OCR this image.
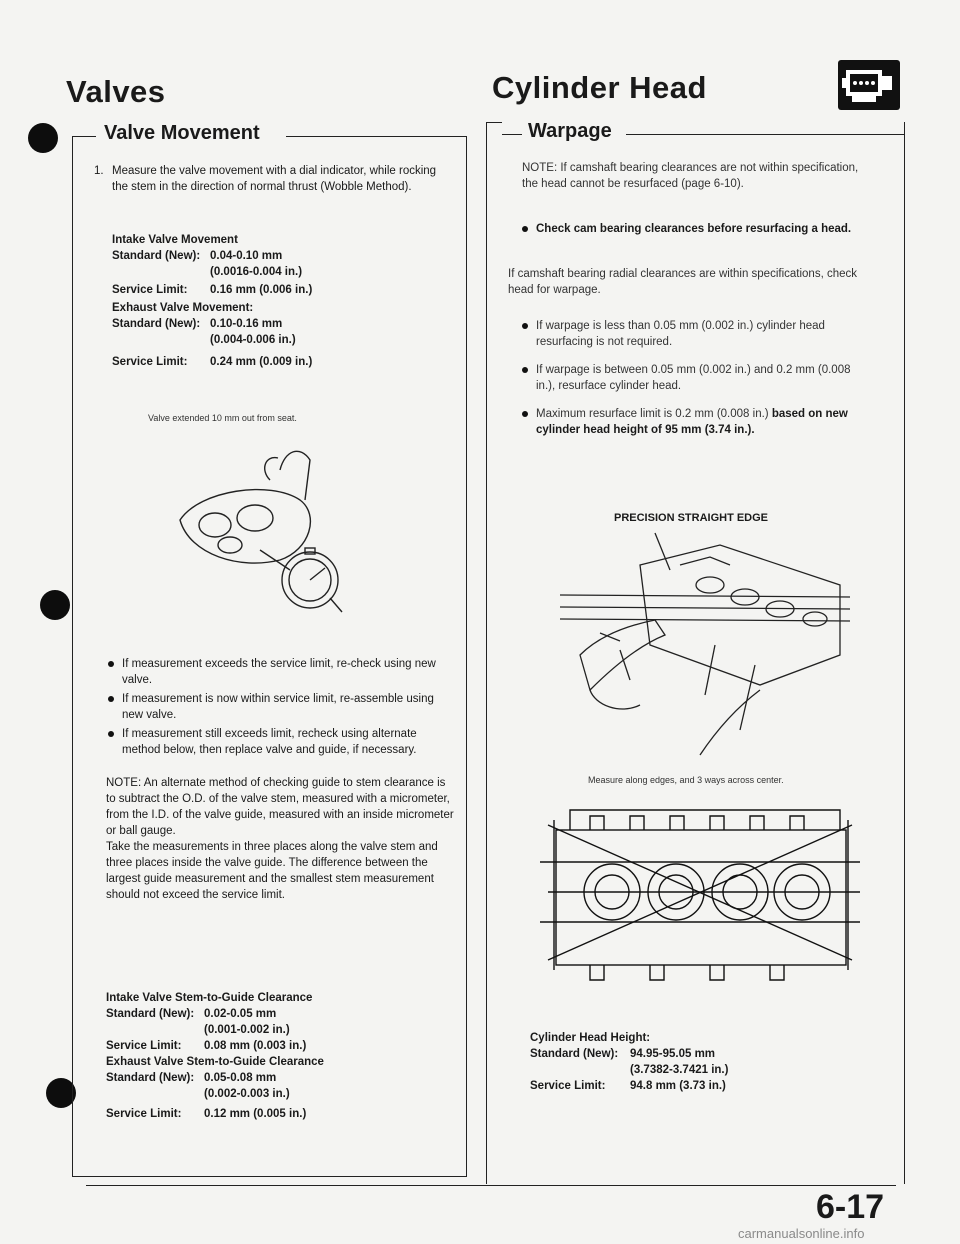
Valves	Cylinder Head
Valve Movement
1. Measure the valve movement with a dial indicator, while rocking the stem in the direction of normal thrust (Wobble Method).
Intake Valve Movement
Standard (New): 0.04-0.10 mm
(0.0016-0.004 in.)
Service Limit:	0.16 mm (0.006 in.)
Exhaust Valve Movement:
Standard (New): 0.10-0.16 mm
(0.004-0.006 in.)
Service Limit:	0.24 mm (0.009 in.)
Valve extended 10 mm out from seat.
If measurement exceeds the service limit, re-check using new valve.
If measurement is now within service limit, re-assemble using new valve.
If measurement still exceeds limit, recheck using alternate method below, then replace valve and guide, if necessary.
NOTE: An alternate method of checking guide to stem clearance is to subtract the O.D. of the valve stem, measured with a micrometer, from the I.D. of the valve guide, measured with an inside micrometer or ball gauge.
Take the measurements in three places along the valve stem and three places inside the valve guide. The difference between the largest guide measurement and the smallest stem measurement should not exceed the service limit.
Intake Valve Stem-to-Guide Clearance
Standard (New): 0.02-0.05 mm
(0.001-0.002 in.)
Service Limit:	0.08 mm (0.003 in.)
Exhaust Valve Stem-to-Guide Clearance
Standard (New): 0.05-0.08 mm
(0.002-0.003 in.)
Service Limit:	0.12 mm (0.005 in.)
Warpage
NOTE: If camshaft bearing clearances are not within specification, the head cannot be resurfaced (page 6-10).
Check cam bearing clearances before resurfacing a head.
If camshaft bearing radial clearances are within specifications, check head for warpage.
If warpage is less than 0.05 mm (0.002 in.) cylinder head resurfacing is not required.
If warpage is between 0.05 mm (0.002 in.) and 0.2 mm (0.008 in.), resurface cylinder head.
Maximum resurface limit is 0.2 mm (0.008 in.) based on new cylinder head height of 95 mm (3.74 in.).
PRECISION STRAIGHT EDGE
Measure along edges, and 3 ways across center.
Cylinder Head Height:
Standard (New):	94.95-95.05 mm
(3.7382-3.7421 in.)
Service Limit:	94.8 mm (3.73 in.)
6-17
carmanualsonline.info
